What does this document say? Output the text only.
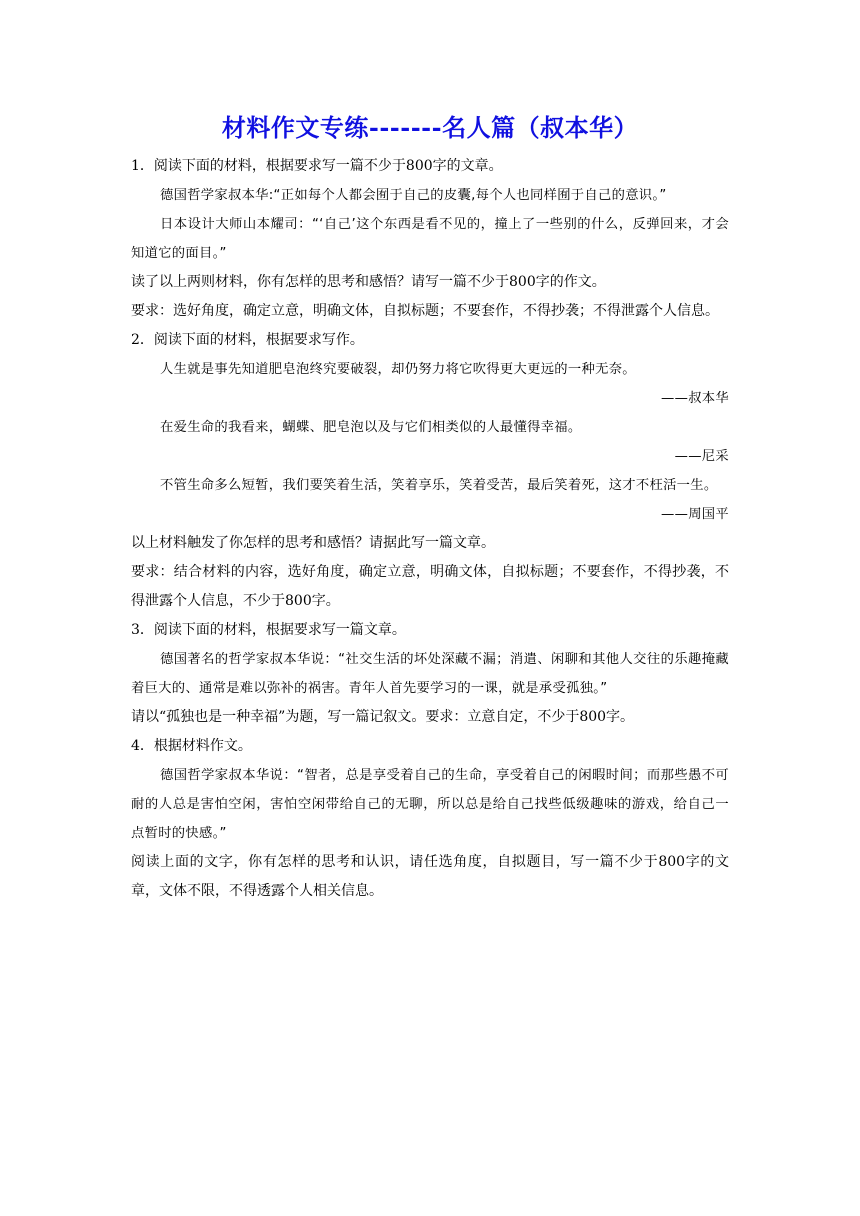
材料作文专练-------名人篇（叔本华）

1．阅读下面的材料，根据要求写一篇不少于800字的文章。

德国哲学家叔本华:“正如每个人都会囿于自己的皮囊,每个人也同样囿于自己的意识。”

日本设计大师山本耀司：“‘自己’这个东西是看不见的，撞上了一些别的什么，反弹回来，才会知道它的面目。”

读了以上两则材料，你有怎样的思考和感悟？请写一篇不少于800字的作文。

要求：选好角度，确定立意，明确文体，自拟标题；不要套作，不得抄袭；不得泄露个人信息。

2．阅读下面的材料，根据要求写作。

人生就是事先知道肥皂泡终究要破裂，却仍努力将它吹得更大更远的一种无奈。

——叔本华

在爱生命的我看来，蝴蝶、肥皂泡以及与它们相类似的人最懂得幸福。

——尼采

不管生命多么短暂，我们要笑着生活，笑着享乐，笑着受苦，最后笑着死，这才不枉活一生。

——周国平

以上材料触发了你怎样的思考和感悟？请据此写一篇文章。

要求：结合材料的内容，选好角度，确定立意，明确文体，自拟标题；不要套作，不得抄袭，不得泄露个人信息，不少于800字。

3．阅读下面的材料，根据要求写一篇文章。

德国著名的哲学家叔本华说：“社交生活的坏处深藏不漏；消遣、闲聊和其他人交往的乐趣掩藏着巨大的、通常是难以弥补的祸害。青年人首先要学习的一课，就是承受孤独。”

请以“孤独也是一种幸福”为题，写一篇记叙文。要求：立意自定，不少于800字。

4．根据材料作文。

德国哲学家叔本华说：“智者，总是享受着自己的生命，享受着自己的闲暇时间；而那些愚不可耐的人总是害怕空闲，害怕空闲带给自己的无聊，所以总是给自己找些低级趣味的游戏，给自己一点暂时的快感。”

阅读上面的文字，你有怎样的思考和认识，请任选角度，自拟题目，写一篇不少于800字的文章，文体不限，不得透露个人相关信息。
